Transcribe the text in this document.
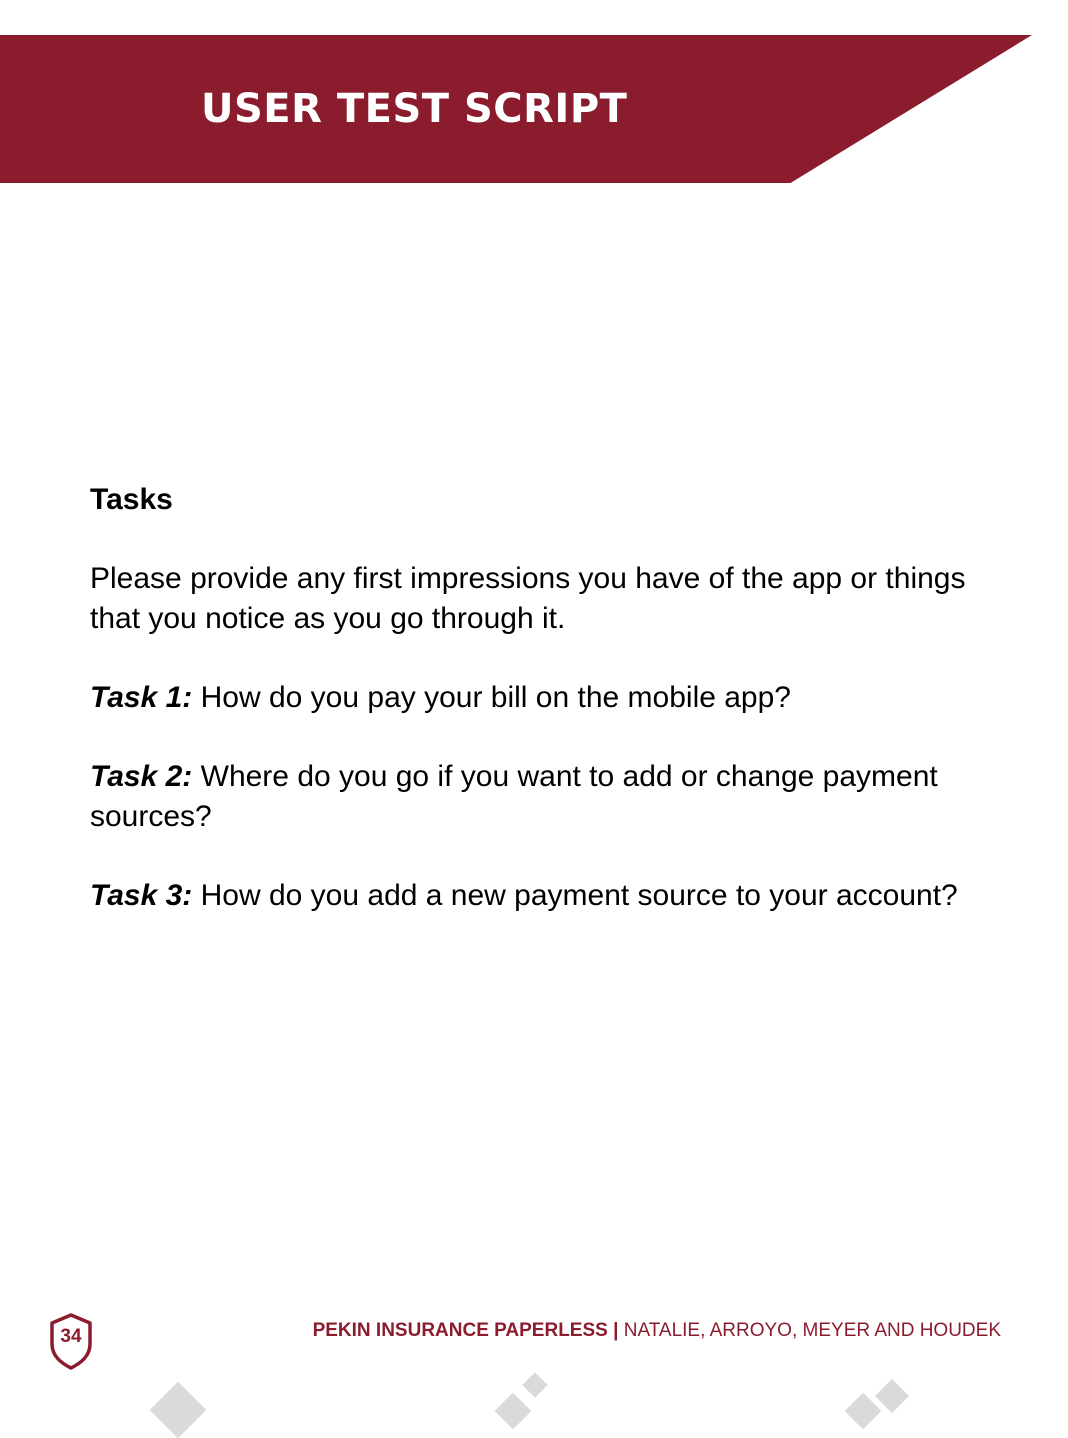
USER TEST SCRIPT

Tasks

Please provide any first impressions you have of the app or things that you notice as you go through it.

Task 1: How do you pay your bill on the mobile app?

Task 2: Where do you go if you want to add or change payment sources?

Task 3: How do you add a new payment source to your account?

34	PEKIN INSURANCE PAPERLESS | NATALIE, ARROYO, MEYER AND HOUDEK
